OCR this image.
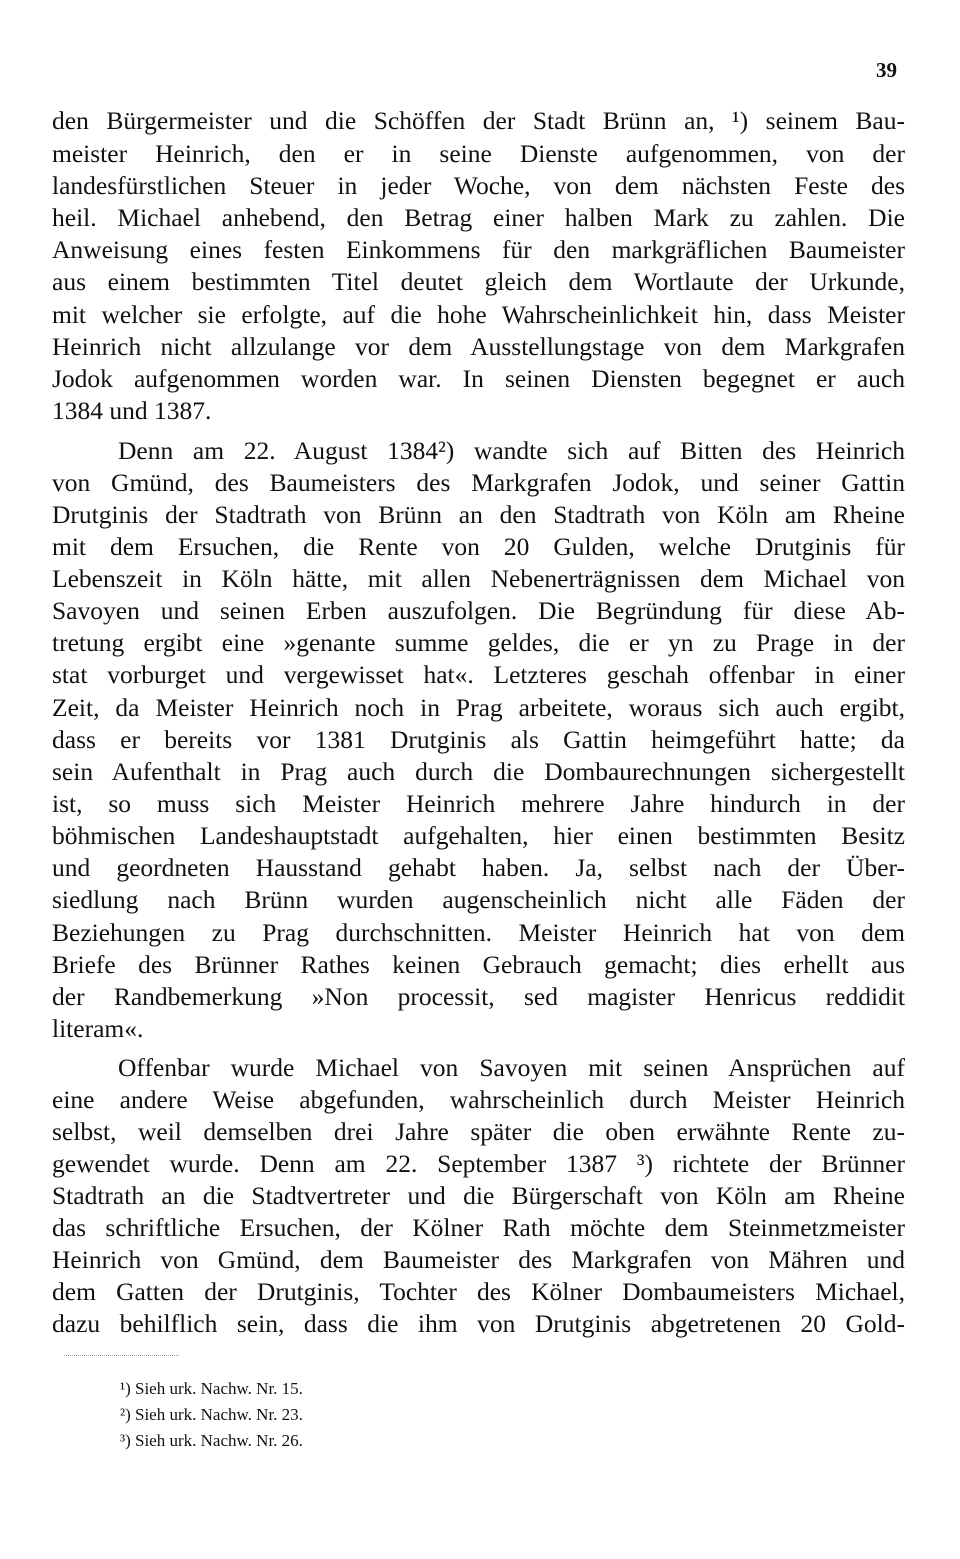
39
den Bürgermeister und die Schöffen der Stadt Brünn an, ¹) seinem Bau-
meister Heinrich, den er in seine Dienste aufgenommen, von der
landesfürstlichen Steuer in jeder Woche, von dem nächsten Feste des
heil. Michael anhebend, den Betrag einer halben Mark zu zahlen. Die
Anweisung eines festen Einkommens für den markgräflichen Baumeister
aus einem bestimmten Titel deutet gleich dem Wortlaute der Urkunde,
mit welcher sie erfolgte, auf die hohe Wahrscheinlichkeit hin, dass Meister
Heinrich nicht allzulange vor dem Ausstellungstage von dem Markgrafen
Jodok aufgenommen worden war. In seinen Diensten begegnet er auch
1384 und 1387.
Denn am 22. August 1384²) wandte sich auf Bitten des Heinrich
von Gmünd, des Baumeisters des Markgrafen Jodok, und seiner Gattin
Drutginis der Stadtrath von Brünn an den Stadtrath von Köln am Rheine
mit dem Ersuchen, die Rente von 20 Gulden, welche Drutginis für
Lebenszeit in Köln hätte, mit allen Nebenerträgnissen dem Michael von
Savoyen und seinen Erben auszufolgen. Die Begründung für diese Ab-
tretung ergibt eine »genante summe geldes, die er yn zu Prage in der
stat vorburget und vergewisset hat«. Letzteres geschah offenbar in einer
Zeit, da Meister Heinrich noch in Prag arbeitete, woraus sich auch ergibt,
dass er bereits vor 1381 Drutginis als Gattin heimgeführt hatte; da
sein Aufenthalt in Prag auch durch die Dombaurechnungen sichergestellt
ist, so muss sich Meister Heinrich mehrere Jahre hindurch in der
böhmischen Landeshauptstadt aufgehalten, hier einen bestimmten Besitz
und geordneten Hausstand gehabt haben. Ja, selbst nach der Über-
siedlung nach Brünn wurden augenscheinlich nicht alle Fäden der
Beziehungen zu Prag durchschnitten. Meister Heinrich hat von dem
Briefe des Brünner Rathes keinen Gebrauch gemacht; dies erhellt aus
der Randbemerkung »Non processit, sed magister Henricus reddidit
literam«.
Offenbar wurde Michael von Savoyen mit seinen Ansprüchen auf
eine andere Weise abgefunden, wahrscheinlich durch Meister Heinrich
selbst, weil demselben drei Jahre später die oben erwähnte Rente zu-
gewendet wurde. Denn am 22. September 1387 ³) richtete der Brünner
Stadtrath an die Stadtvertreter und die Bürgerschaft von Köln am Rheine
das schriftliche Ersuchen, der Kölner Rath möchte dem Steinmetzmeister
Heinrich von Gmünd, dem Baumeister des Markgrafen von Mähren und
dem Gatten der Drutginis, Tochter des Kölner Dombaumeisters Michael,
dazu behilflich sein, dass die ihm von Drutginis abgetretenen 20 Gold-
¹) Sieh urk. Nachw. Nr. 15.
²) Sieh urk. Nachw. Nr. 23.
³) Sieh urk. Nachw. Nr. 26.
